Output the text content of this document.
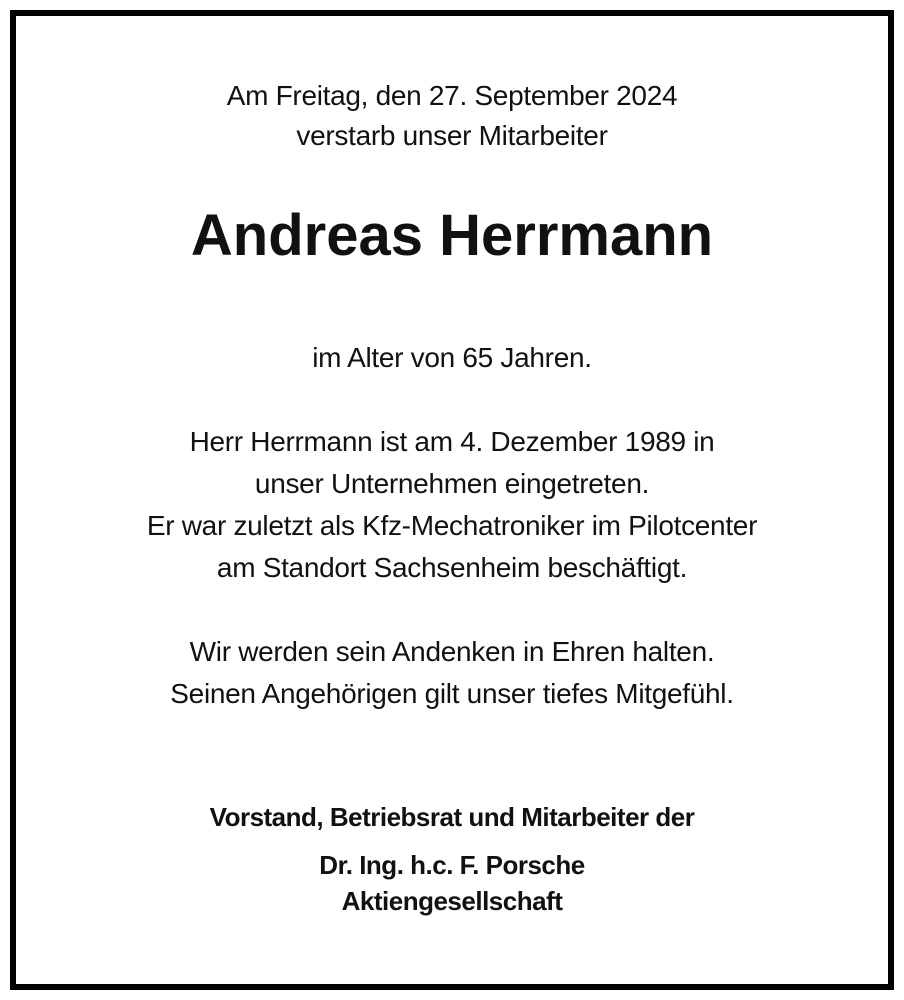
Am Freitag, den 27. September 2024
verstarb unser Mitarbeiter
Andreas Herrmann
im Alter von 65 Jahren.
Herr Herrmann ist am 4. Dezember 1989 in
unser Unternehmen eingetreten.
Er war zuletzt als Kfz-Mechatroniker im Pilotcenter
am Standort Sachsenheim beschäftigt.
Wir werden sein Andenken in Ehren halten.
Seinen Angehörigen gilt unser tiefes Mitgefühl.
Vorstand, Betriebsrat und Mitarbeiter der
Dr. Ing. h.c. F. Porsche
Aktiengesellschaft
